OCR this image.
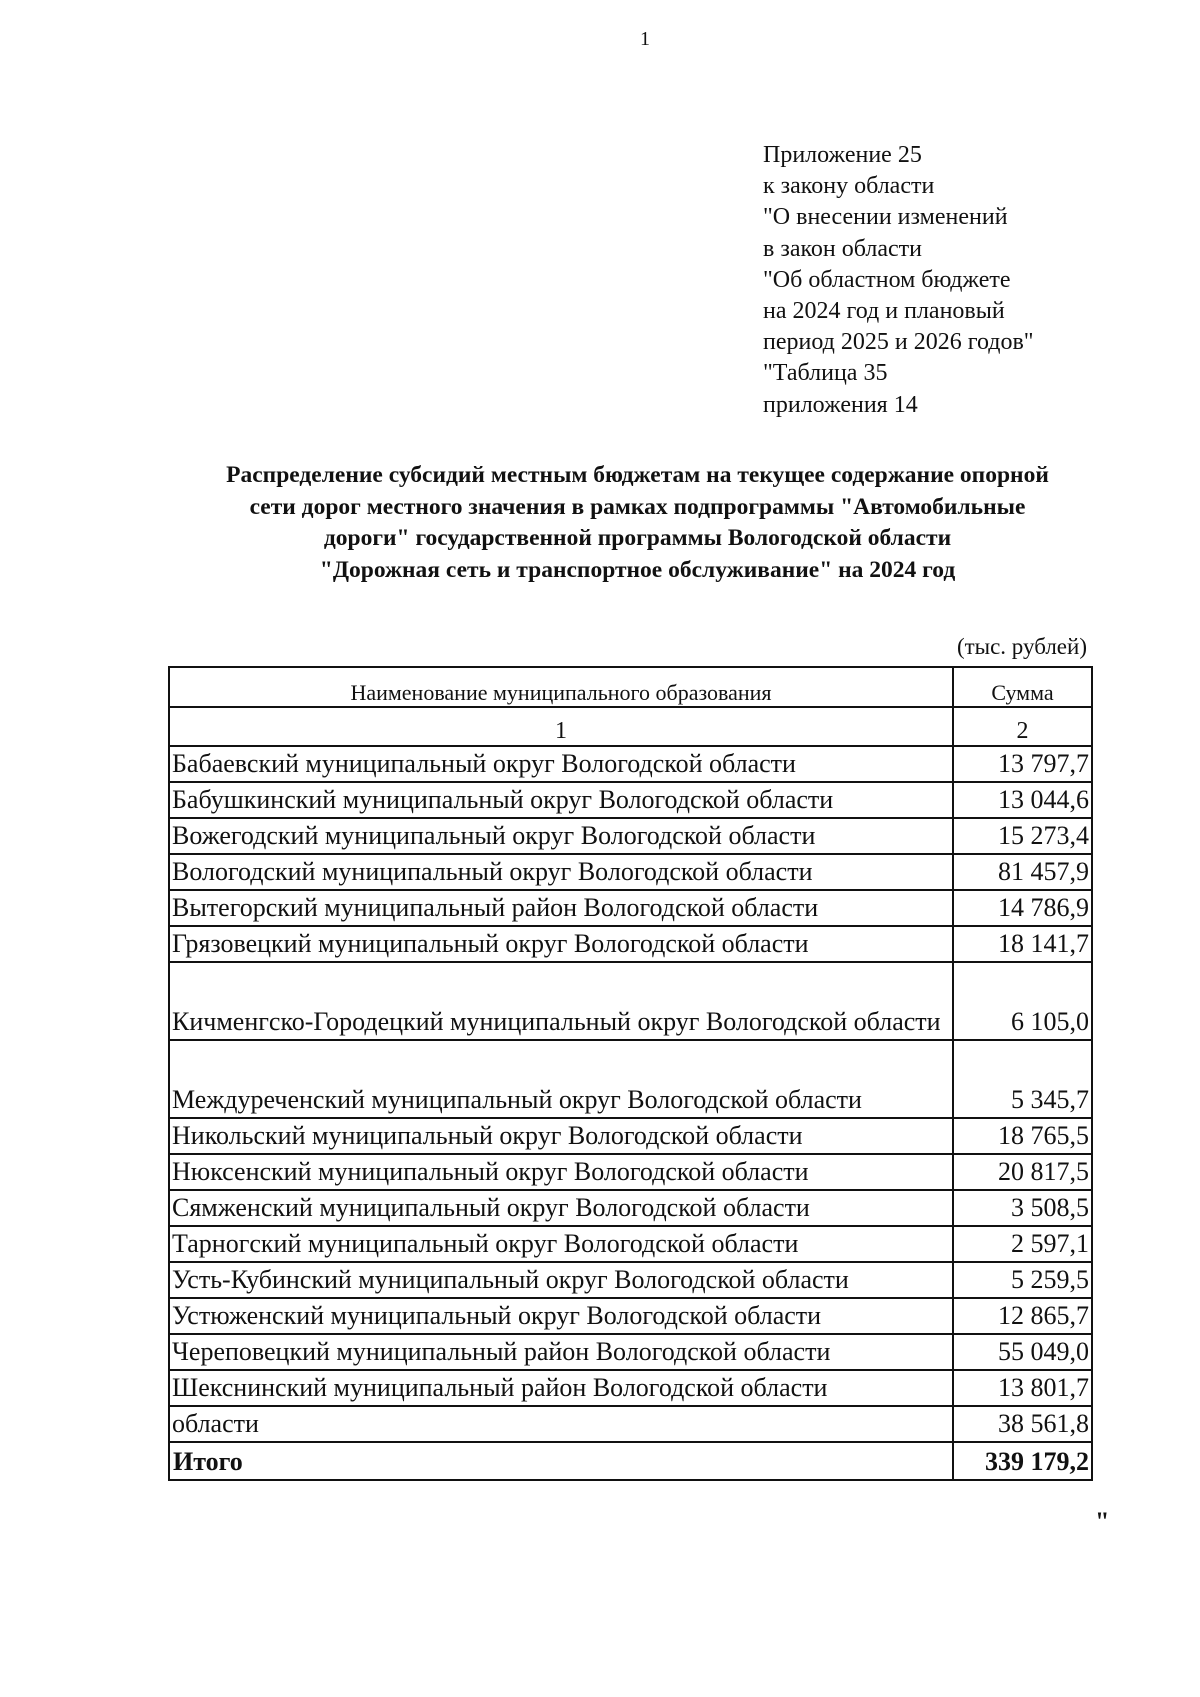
1
Приложение 25
к закону области
"О внесении изменений
в закон области
"Об областном бюджете
на 2024 год и плановый
период 2025 и 2026 годов"
"Таблица 35
приложения 14
Распределение субсидий местным бюджетам на текущее содержание опорной
сети дорог местного значения в рамках подпрограммы "Автомобильные
дороги" государственной программы Вологодской области
"Дорожная сеть и транспортное обслуживание" на 2024 год
(тыс. рублей)
Наименование муниципального образования	Сумма
1	2
Бабаевский муниципальный округ Вологодской области	13 797,7
Бабушкинский муниципальный округ Вологодской области	13 044,6
Вожегодский муниципальный округ Вологодской области	15 273,4
Вологодский муниципальный округ Вологодской области	81 457,9
Вытегорский муниципальный район Вологодской области	14 786,9
Грязовецкий муниципальный округ Вологодской области	18 141,7
Кичменгско-Городецкий муниципальный округ Вологодской области	6 105,0
Междуреченский муниципальный округ Вологодской области	5 345,7
Никольский муниципальный округ Вологодской области	18 765,5
Нюксенский муниципальный округ Вологодской области	20 817,5
Сямженский муниципальный округ Вологодской области	3 508,5
Тарногский муниципальный округ Вологодской области	2 597,1
Усть-Кубинский муниципальный округ Вологодской области	5 259,5
Устюженский муниципальный округ Вологодской области	12 865,7
Череповецкий муниципальный район Вологодской области	55 049,0
Шекснинский муниципальный район Вологодской области	13 801,7
области	38 561,8
Итого	339 179,2
"
